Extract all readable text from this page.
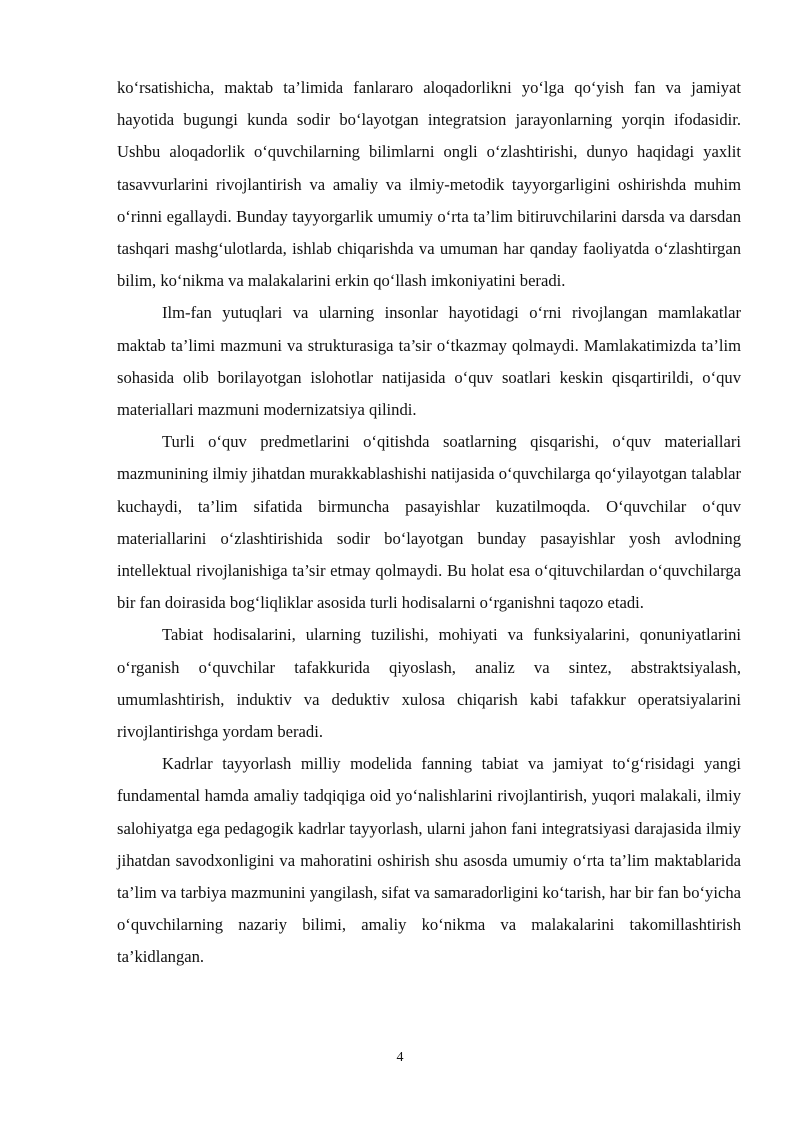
ko‘rsatishicha, maktab ta’limida fanlararo aloqadorlikni yo‘lga qo‘yish fan va jamiyat hayotida bugungi kunda sodir bo‘layotgan integratsion jarayonlarning yorqin ifodasidir. Ushbu aloqadorlik o‘quvchilarning bilimlarni ongli o‘zlashtirishi, dunyo haqidagi yaxlit tasavvurlarini rivojlantirish va amaliy va ilmiy-metodik tayyorgarligini oshirishda muhim o‘rinni egallaydi. Bunday tayyorgarlik umumiy o‘rta ta’lim bitiruvchilarini darsda va darsdan tashqari mashg‘ulotlarda, ishlab chiqarishda va umuman har qanday faoliyatda o‘zlashtirgan bilim, ko‘nikma va malakalarini erkin qo‘llash imkoniyatini beradi.

Ilm-fan yutuqlari va ularning insonlar hayotidagi o‘rni rivojlangan mamlakatlar maktab ta’limi mazmuni va strukturasiga ta’sir o‘tkazmay qolmaydi. Mamlakatimizda ta’lim sohasida olib borilayotgan islohotlar natijasida o‘quv soatlari keskin qisqartirildi, o‘quv materiallari mazmuni modernizatsiya qilindi.

Turli o‘quv predmetlarini o‘qitishda soatlarning qisqarishi, o‘quv materiallari mazmunining ilmiy jihatdan murakkablashishi natijasida o‘quvchilarga qo‘yilayotgan talablar kuchaydi, ta’lim sifatida birmuncha pasayishlar kuzatilmoqda. O‘quvchilar o‘quv materiallarini o‘zlashtirishida sodir bo‘layotgan bunday pasayishlar yosh avlodning intellektual rivojlanishiga ta’sir etmay qolmaydi. Bu holat esa o‘qituvchilardan o‘quvchilarga bir fan doirasida bog‘liqliklar asosida turli hodisalarni o‘rganishni taqozo etadi.

Tabiat hodisalarini, ularning tuzilishi, mohiyati va funksiyalarini, qonuniyatlarini o‘rganish o‘quvchilar tafakkurida qiyoslash, analiz va sintez, abstraktsiyalash, umumlashtirish, induktiv va deduktiv xulosa chiqarish kabi tafakkur operatsiyalarini rivojlantirishga yordam beradi.

Kadrlar tayyorlash milliy modelida fanning tabiat va jamiyat to‘g‘risidagi yangi fundamental hamda amaliy tadqiqiga oid yo‘nalishlarini rivojlantirish, yuqori malakali, ilmiy salohiyatga ega pedagogik kadrlar tayyorlash, ularni jahon fani integratsiyasi darajasida ilmiy jihatdan savodxonligini va mahoratini oshirish shu asosda umumiy o‘rta ta’lim maktablarida ta’lim va tarbiya mazmunini yangilash, sifat va samaradorligini ko‘tarish, har bir fan bo‘yicha o‘quvchilarning nazariy bilimi, amaliy ko‘nikma va malakalarini takomillashtirish ta’kidlangan.

4
